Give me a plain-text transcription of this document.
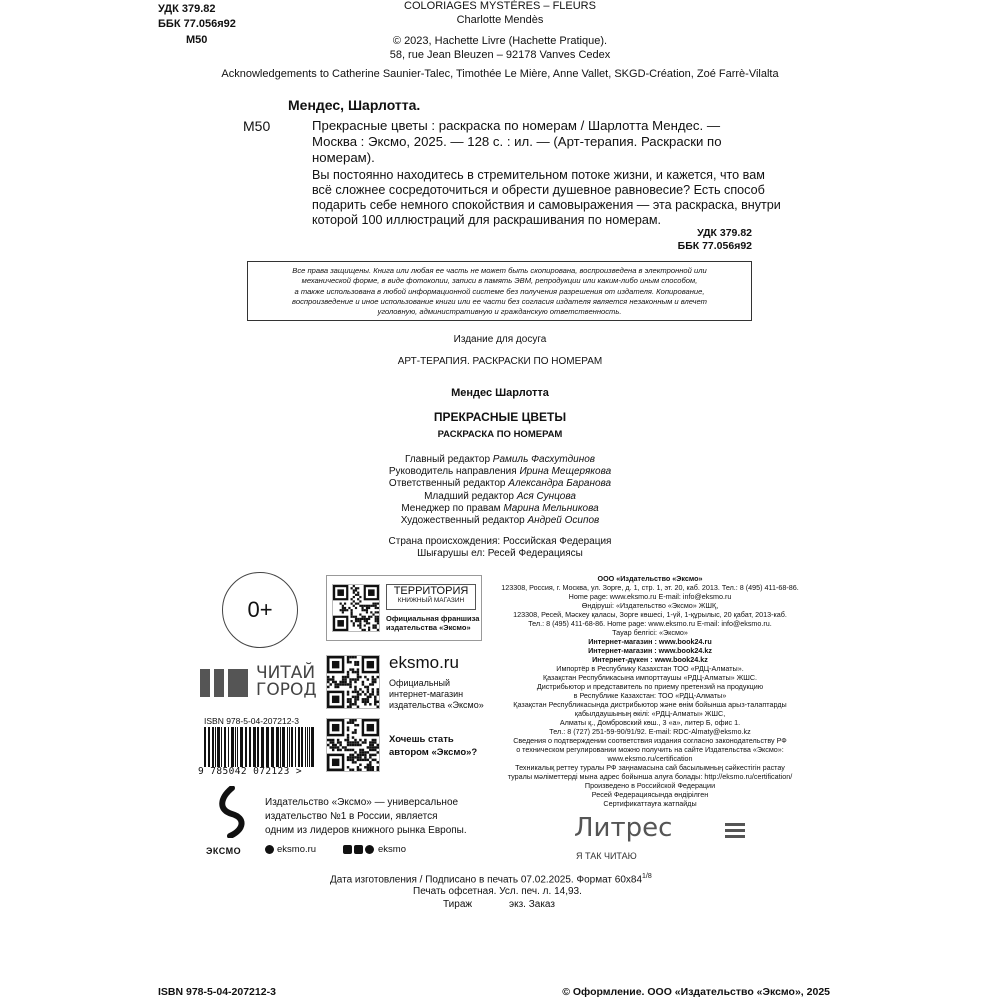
УДК 379.82
ББК 77.056я92
М50
COLORIAGES MYSTÈRES – FLEURS
Charlotte Mendès
© 2023, Hachette Livre (Hachette Pratique).
58, rue Jean Bleuzen – 92178 Vanves Cedex
Acknowledgements to Catherine Saunier-Talec, Timothée Le Mière, Anne Vallet, SKGD-Création, Zoé Farrè-Vilalta
Мендес, Шарлотта.
М50	Прекрасные цветы : раскраска по номерам / Шарлотта Мендес. —
Москва : Эксмо, 2025. — 128 с. : ил. — (Арт-терапия. Раскраски по
номерам).
Вы постоянно находитесь в стремительном потоке жизни, и кажется, что вам
всё сложнее сосредоточиться и обрести душевное равновесие? Есть способ
подарить себе немного спокойствия и самовыражения — эта раскраска, внутри
которой 100 иллюстраций для раскрашивания по номерам.
УДК 379.82
ББК 77.056я92
Все права защищены. Книга или любая ее часть не может быть скопирована, воспроизведена в электронной или
механической форме, в виде фотокопии, записи в память ЭВМ, репродукции или каким-либо иным способом,
а также использована в любой информационной системе без получения разрешения от издателя. Копирование,
воспроизведение и иное использование книги или ее части без согласия издателя является незаконным и влечет
уголовную, административную и гражданскую ответственность.
Издание для досуга
АРТ-ТЕРАПИЯ. РАСКРАСКИ ПО НОМЕРАМ
Мендес Шарлотта
ПРЕКРАСНЫЕ ЦВЕТЫ
РАСКРАСКА ПО НОМЕРАМ
Главный редактор Рамиль Фасхутдинов
Руководитель направления Ирина Мещерякова
Ответственный редактор Александра Баранова
Младший редактор Ася Сунцова
Менеджер по правам Марина Мельникова
Художественный редактор Андрей Осипов
Страна происхождения: Российская Федерация
Шығарушы ел: Ресей Федерациясы
0+
ТЕРРИТОРИЯ
КНИЖНЫЙ МАГАЗИН
Официальная франшиза
издательства «Эксмо»
ЧИТАЙ
ГОРОД
eksmo.ru
Официальный
интернет-магазин
издательства «Эксмо»
ISBN 978-5-04-207212-3
9 785042 072123 >
Хочешь стать
автором «Эксмо»?
ЭКСМО
Издательство «Эксмо» — универсальное
издательство №1 в России, является
одним из лидеров книжного рынка Европы.
eksmo.ru	eksmo
ООО «Издательство «Эксмо»
123308, Россия, г. Москва, ул. Зорге, д. 1, стр. 1, эт. 20, каб. 2013. Тел.: 8 (495) 411-68-86.
Home page: www.eksmo.ru E-mail: info@eksmo.ru
Өндіруші: «Издательство «Эксмо» ЖШҚ,
123308, Ресей, Мәскеу қаласы, Зорге көшесі, 1-үй, 1-құрылыс, 20 қабат, 2013-каб.
Тел.: 8 (495) 411-68-86. Home page: www.eksmo.ru E-mail: info@eksmo.ru.
Тауар белгісі: «Эксмо»
Интернет-магазин : www.book24.ru
Интернет-магазин : www.book24.kz
Интернет-дүкен : www.book24.kz
Импортёр в Республику Казахстан ТОО «РДЦ-Алматы».
Қазақстан Республикасына импорттаушы «РДЦ-Алматы» ЖШС.
Дистрибьютор и представитель по приему претензий на продукцию
в Республике Казахстан: ТОО «РДЦ-Алматы»
Қазақстан Республикасында дистрибьютор және өнім бойынша арыз-талаптарды
қабылдаушының өкілі: «РДЦ-Алматы» ЖШС,
Алматы қ., Домбровский көш., 3 «а», литер Б, офис 1.
Тел.: 8 (727) 251-59-90/91/92. E-mail: RDC-Almaty@eksmo.kz
Сведения о подтверждении соответствия издания согласно законодательству РФ
о техническом регулировании можно получить на сайте Издательства «Эксмо»:
www.eksmo.ru/certification
Техникалық реттеу туралы РФ заңнамасына сай басылымның сәйкестігін растау
туралы мәліметтерді мына адрес бойынша алуға болады: http://eksmo.ru/certification/
Произведено в Российской Федерации
Ресей Федерациясында өндірілген
Сертификаттауға жатпайды
Литрес
Я ТАК ЧИТАЮ
Дата изготовления / Подписано в печать 07.02.2025. Формат $60x84^{1/8}$
Печать офсетная. Усл. печ. л. 14,93.
Тираж	экз. Заказ
ISBN 978-5-04-207212-3	© Оформление. ООО «Издательство «Эксмо», 2025
